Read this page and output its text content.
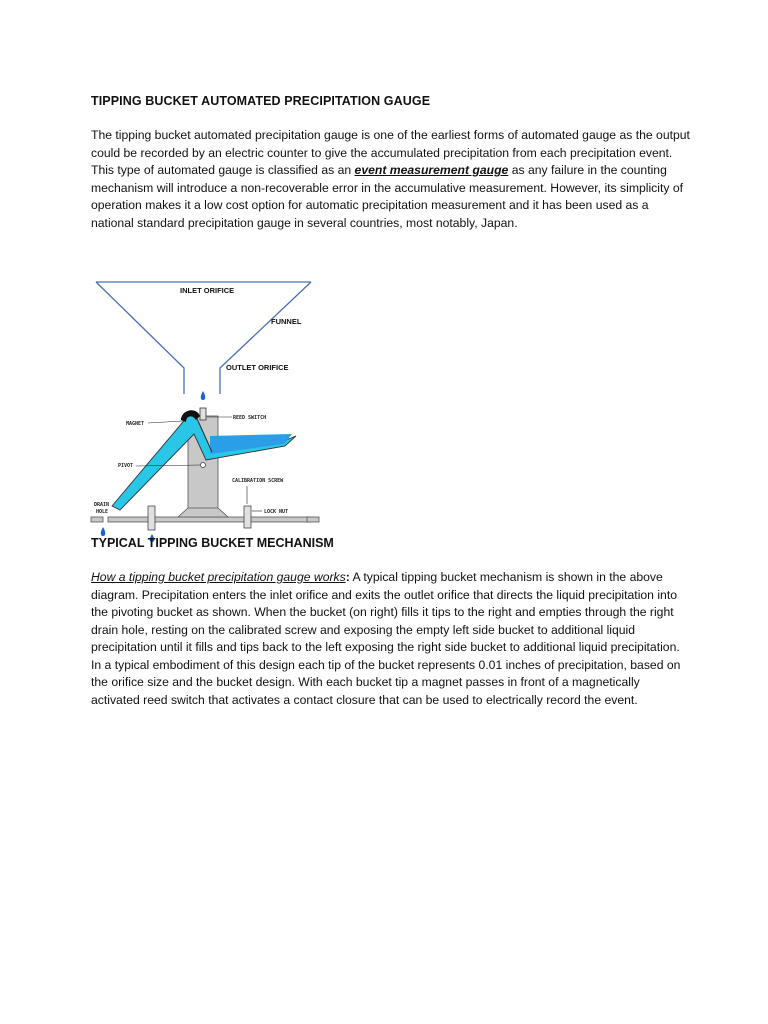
TIPPING BUCKET AUTOMATED PRECIPITATION GAUGE

The tipping bucket automated precipitation gauge is one of the earliest forms of automated gauge as the output could be recorded by an electric counter to give the accumulated precipitation from each precipitation event. This type of automated gauge is classified as an event measurement gauge as any failure in the counting mechanism will introduce a non-recoverable error in the accumulative measurement. However, its simplicity of operation makes it a low cost option for automatic precipitation measurement and it has been used as a national standard precipitation gauge in several countries, most notably, Japan.

INLET ORIFICE
FUNNEL
OUTLET ORIFICE
MAGNET
REED SWITCH
PIVOT
CALIBRATION SCREW
DRAIN
HOLE	LOCK NUT
TYPICAL TIPPING BUCKET MECHANISM

How a tipping bucket precipitation gauge works: A typical tipping bucket mechanism is shown in the above diagram. Precipitation enters the inlet orifice and exits the outlet orifice that directs the liquid precipitation into the pivoting bucket as shown. When the bucket (on right) fills it tips to the right and empties through the right drain hole, resting on the calibrated screw and exposing the empty left side bucket to additional liquid precipitation until it fills and tips back to the left exposing the right side bucket to additional liquid precipitation. In a typical embodiment of this design each tip of the bucket represents 0.01 inches of precipitation, based on the orifice size and the bucket design. With each bucket tip a magnet passes in front of a magnetically activated reed switch that activates a contact closure that can be used to electrically record the event.
